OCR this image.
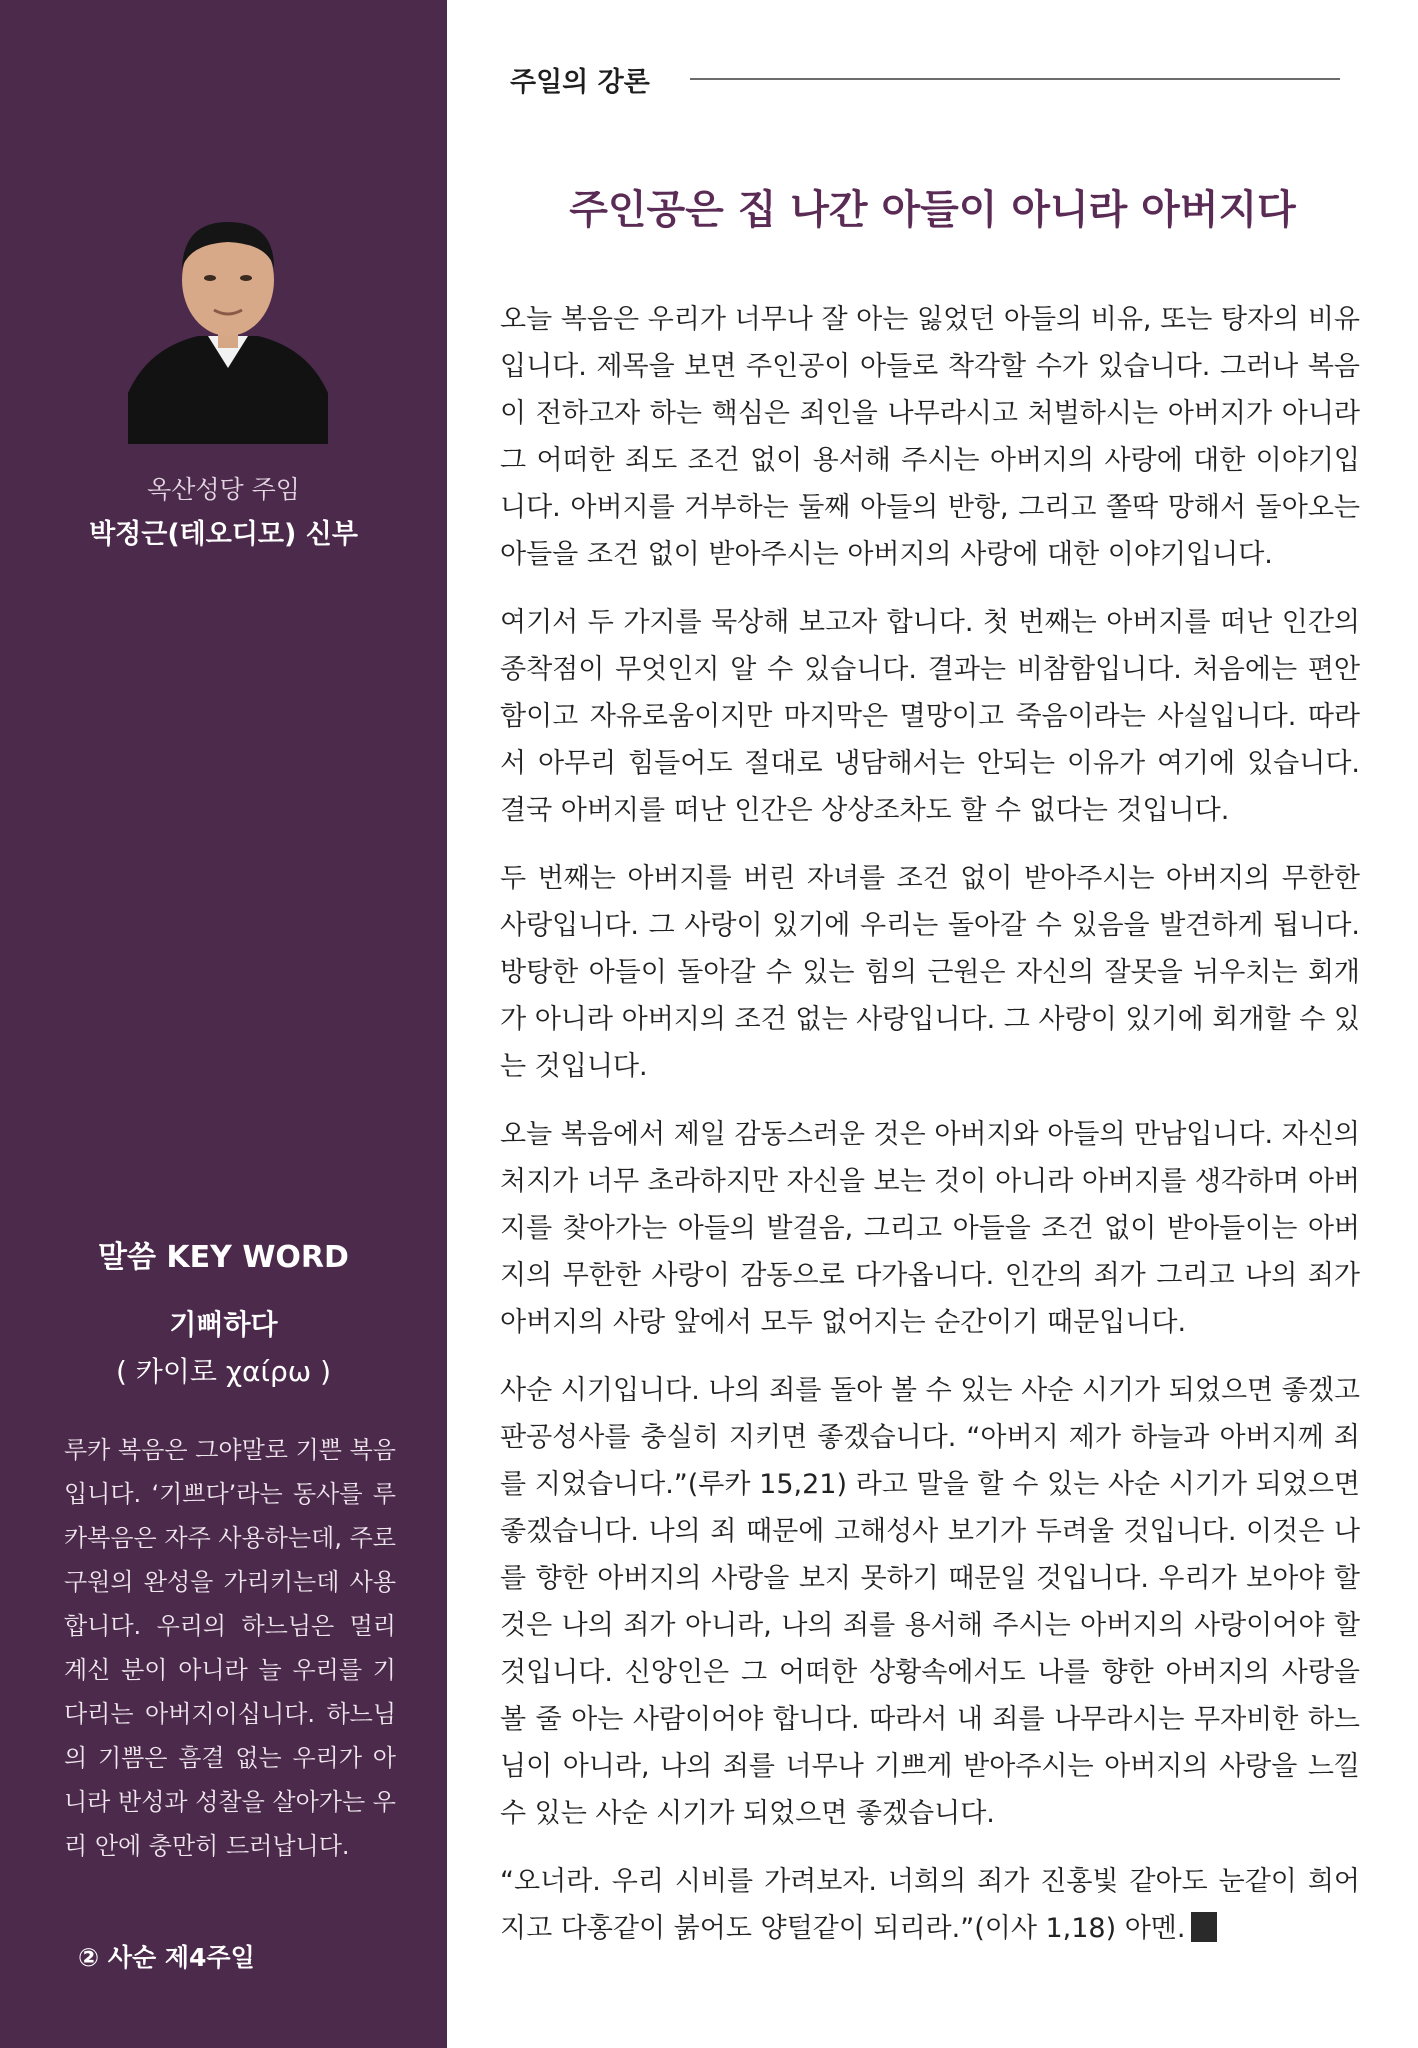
옥산성당 주임
박정근(테오디모) 신부
말씀 KEY WORD
기뻐하다
( 카이로 χαίρω )
루카 복음은 그야말로 기쁜 복음입니다. ‘기쁘다’라는 동사를 루카복음은 자주 사용하는데, 주로 구원의 완성을 가리키는데 사용합니다. 우리의 하느님은 멀리 계신 분이 아니라 늘 우리를 기다리는 아버지이십니다. 하느님의 기쁨은 흠결 없는 우리가 아니라 반성과 성찰을 살아가는 우리 안에 충만히 드러납니다.
② 사순 제4주일
주일의 강론
주인공은 집 나간 아들이 아니라 아버지다

오늘 복음은 우리가 너무나 잘 아는 잃었던 아들의 비유, 또는 탕자의 비유입니다. 제목을 보면 주인공이 아들로 착각할 수가 있습니다. 그러나 복음이 전하고자 하는 핵심은 죄인을 나무라시고 처벌하시는 아버지가 아니라 그 어떠한 죄도 조건 없이 용서해 주시는 아버지의 사랑에 대한 이야기입니다. 아버지를 거부하는 둘째 아들의 반항, 그리고 쫄딱 망해서 돌아오는 아들을 조건 없이 받아주시는 아버지의 사랑에 대한 이야기입니다.

여기서 두 가지를 묵상해 보고자 합니다. 첫 번째는 아버지를 떠난 인간의 종착점이 무엇인지 알 수 있습니다. 결과는 비참함입니다. 처음에는 편안함이고 자유로움이지만 마지막은 멸망이고 죽음이라는 사실입니다. 따라서 아무리 힘들어도 절대로 냉담해서는 안되는 이유가 여기에 있습니다. 결국 아버지를 떠난 인간은 상상조차도 할 수 없다는 것입니다.

두 번째는 아버지를 버린 자녀를 조건 없이 받아주시는 아버지의 무한한 사랑입니다. 그 사랑이 있기에 우리는 돌아갈 수 있음을 발견하게 됩니다. 방탕한 아들이 돌아갈 수 있는 힘의 근원은 자신의 잘못을 뉘우치는 회개가 아니라 아버지의 조건 없는 사랑입니다. 그 사랑이 있기에 회개할 수 있는 것입니다.

오늘 복음에서 제일 감동스러운 것은 아버지와 아들의 만남입니다. 자신의 처지가 너무 초라하지만 자신을 보는 것이 아니라 아버지를 생각하며 아버지를 찾아가는 아들의 발걸음, 그리고 아들을 조건 없이 받아들이는 아버지의 무한한 사랑이 감동으로 다가옵니다. 인간의 죄가 그리고 나의 죄가 아버지의 사랑 앞에서 모두 없어지는 순간이기 때문입니다.

사순 시기입니다. 나의 죄를 돌아 볼 수 있는 사순 시기가 되었으면 좋겠고 판공성사를 충실히 지키면 좋겠습니다. “아버지 제가 하늘과 아버지께 죄를 지었습니다.”(루카 15,21) 라고 말을 할 수 있는 사순 시기가 되었으면 좋겠습니다. 나의 죄 때문에 고해성사 보기가 두려울 것입니다. 이것은 나를 향한 아버지의 사랑을 보지 못하기 때문일 것입니다. 우리가 보아야 할 것은 나의 죄가 아니라, 나의 죄를 용서해 주시는 아버지의 사랑이어야 할 것입니다. 신앙인은 그 어떠한 상황속에서도 나를 향한 아버지의 사랑을 볼 줄 아는 사람이어야 합니다. 따라서 내 죄를 나무라시는 무자비한 하느님이 아니라, 나의 죄를 너무나 기쁘게 받아주시는 아버지의 사랑을 느낄 수 있는 사순 시기가 되었으면 좋겠습니다.

“오너라. 우리 시비를 가려보자. 너희의 죄가 진홍빛 같아도 눈같이 희어지고 다홍같이 붉어도 양털같이 되리라.”(이사 1,18) 아멘.
